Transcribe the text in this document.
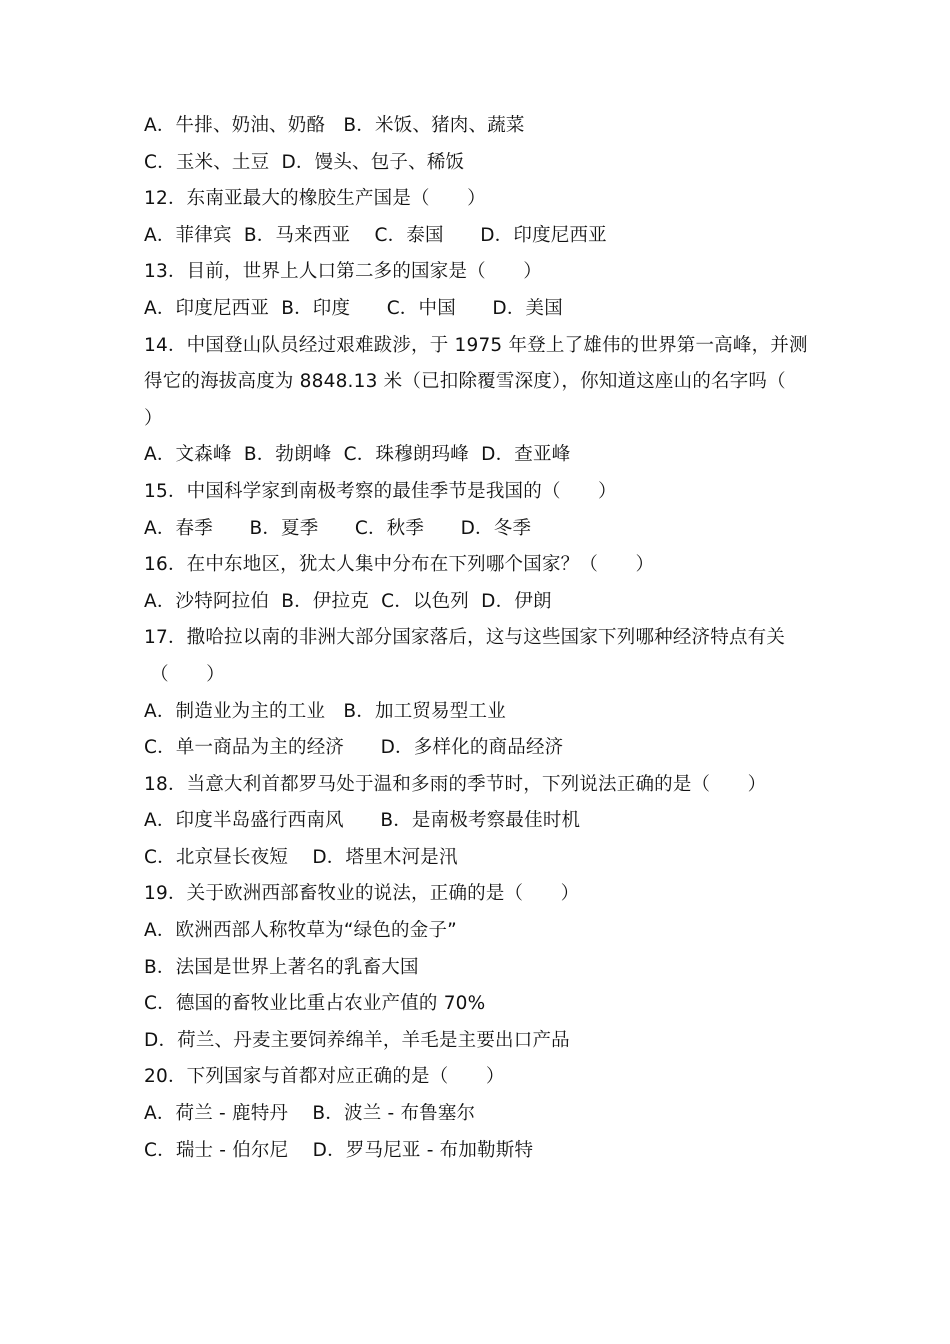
A．牛排、奶油、奶酪   B．米饭、猪肉、蔬菜
C．玉米、土豆  D．馒头、包子、稀饭
12．东南亚最大的橡胶生产国是（　　）
A．菲律宾  B．马来西亚    C．泰国      D．印度尼西亚
13．目前，世界上人口第二多的国家是（　　）
A．印度尼西亚  B．印度      C．中国      D．美国
14．中国登山队员经过艰难跋涉，于 1975 年登上了雄伟的世界第一高峰，并测
得它的海拔高度为 8848.13 米（已扣除覆雪深度），你知道这座山的名字吗（
）
A．文森峰  B．勃朗峰  C．珠穆朗玛峰  D．查亚峰
15．中国科学家到南极考察的最佳季节是我国的（　　）
A．春季      B．夏季      C．秋季      D．冬季
16．在中东地区，犹太人集中分布在下列哪个国家？（　　）
A．沙特阿拉伯  B．伊拉克  C．以色列  D．伊朗
17．撒哈拉以南的非洲大部分国家落后，这与这些国家下列哪种经济特点有关
（　　）
A．制造业为主的工业   B．加工贸易型工业
C．单一商品为主的经济      D．多样化的商品经济
18．当意大利首都罗马处于温和多雨的季节时，下列说法正确的是（　　）
A．印度半岛盛行西南风      B．是南极考察最佳时机
C．北京昼长夜短    D．塔里木河是汛
19．关于欧洲西部畜牧业的说法，正确的是（　　）
A．欧洲西部人称牧草为“绿色的金子”
B．法国是世界上著名的乳畜大国
C．德国的畜牧业比重占农业产值的 70%
D．荷兰、丹麦主要饲养绵羊，羊毛是主要出口产品
20．下列国家与首都对应正确的是（　　）
A．荷兰 - 鹿特丹    B．波兰 - 布鲁塞尔
C．瑞士 - 伯尔尼    D．罗马尼亚 - 布加勒斯特
